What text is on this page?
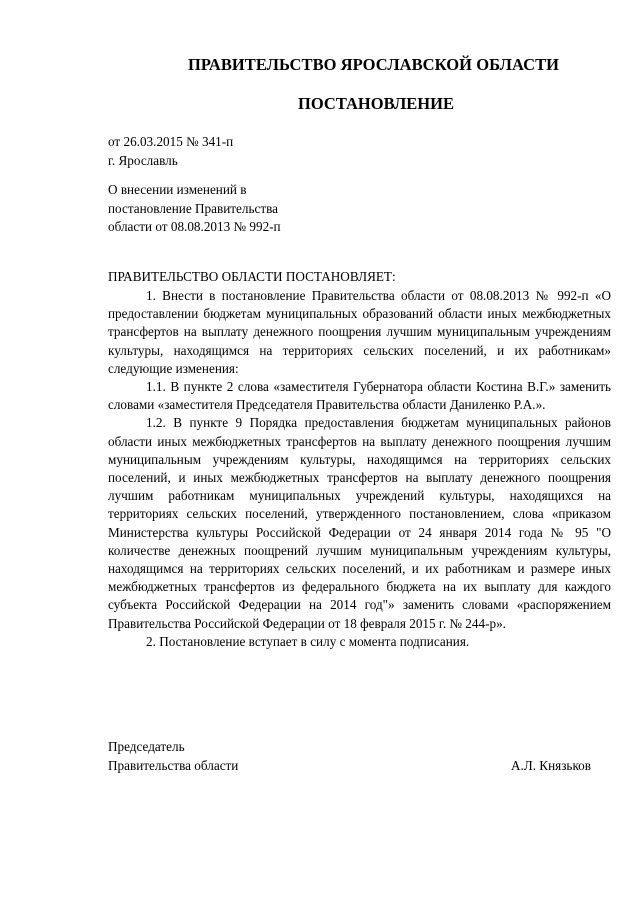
ПРАВИТЕЛЬСТВО ЯРОСЛАВСКОЙ ОБЛАСТИ
ПОСТАНОВЛЕНИЕ
от 26.03.2015 № 341-п
г. Ярославль
О внесении изменений в
постановление Правительства
области от 08.08.2013 № 992-п
ПРАВИТЕЛЬСТВО ОБЛАСТИ ПОСТАНОВЛЯЕТ:

1. Внести в постановление Правительства области от 08.08.2013 № 992-п «О предоставлении бюджетам муниципальных образований области иных межбюджетных трансфертов на выплату денежного поощрения лучшим муниципальным учреждениям культуры, находящимся на территориях сельских поселений, и их работникам» следующие изменения:

1.1. В пункте 2 слова «заместителя Губернатора области Костина В.Г.» заменить словами «заместителя Председателя Правительства области Даниленко Р.А.».

1.2. В пункте 9 Порядка предоставления бюджетам муниципальных районов области иных межбюджетных трансфертов на выплату денежного поощрения лучшим муниципальным учреждениям культуры, находящимся на территориях сельских поселений, и иных межбюджетных трансфертов на выплату денежного поощрения лучшим работникам муниципальных учреждений культуры, находящихся на территориях сельских поселений, утвержденного постановлением, слова «приказом Министерства культуры Российской Федерации от 24 января 2014 года № 95 "О количестве денежных поощрений лучшим муниципальным учреждениям культуры, находящимся на территориях сельских поселений, и их работникам и размере иных межбюджетных трансфертов из федерального бюджета на их выплату для каждого субъекта Российской Федерации на 2014 год"» заменить словами «распоряжением Правительства Российской Федерации от 18 февраля 2015 г. № 244-р».

2. Постановление вступает в силу с момента подписания.

Председатель
Правительства области	А.Л. Князьков
